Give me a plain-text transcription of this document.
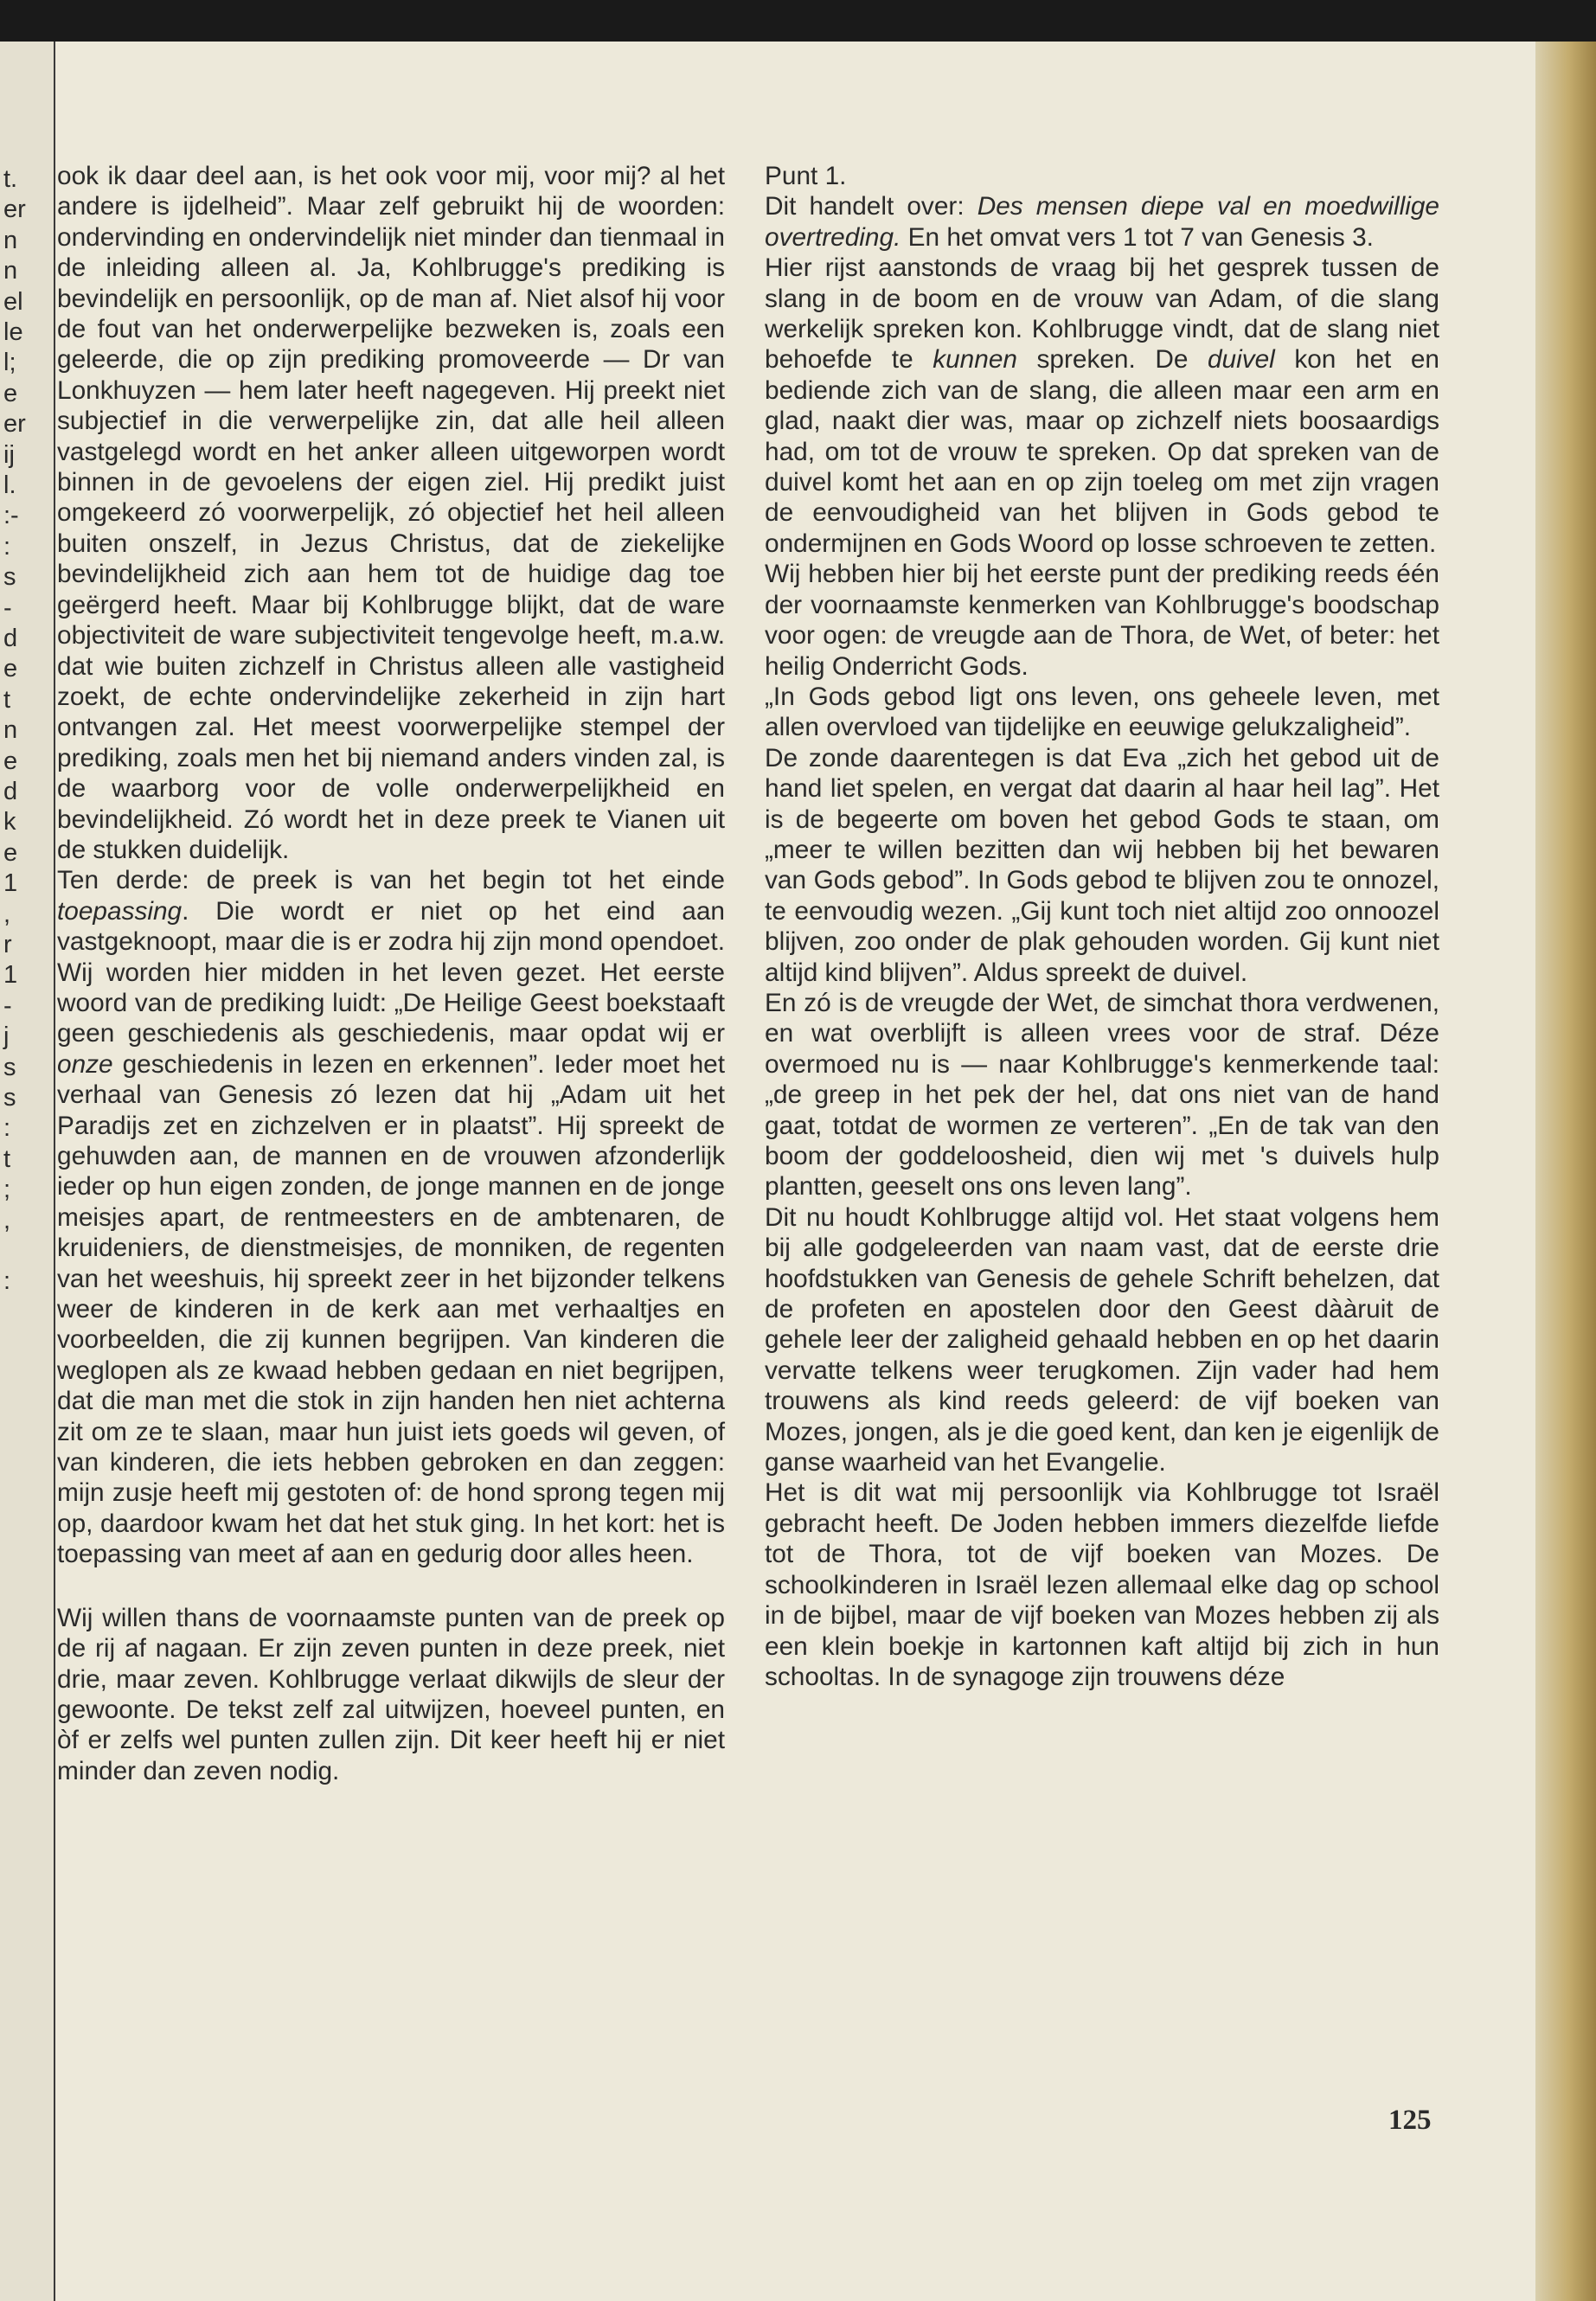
t.
er
n
n
el
le
l;
e
er
ij
l.
:-
:
s
-
d
e
t
n
e
d
k
e
1
,
r
1
-
j
s
s
:
t
;
,
:

ook ik daar deel aan, is het ook voor mij, voor mij? al het andere is ijdelheid”. Maar zelf gebruikt hij de woorden: ondervinding en ondervindelijk niet minder dan tienmaal in de inleiding alleen al. Ja, Kohlbrugge's prediking is bevindelijk en persoonlijk, op de man af. Niet alsof hij voor de fout van het onderwerpelijke bezweken is, zoals een geleerde, die op zijn prediking promoveerde — Dr van Lonkhuyzen — hem later heeft nagegeven. Hij preekt niet subjectief in die verwerpelijke zin, dat alle heil alleen vastgelegd wordt en het anker alleen uitgeworpen wordt binnen in de gevoelens der eigen ziel. Hij predikt juist omgekeerd zó voorwerpelijk, zó objectief het heil alleen buiten onszelf, in Jezus Christus, dat de ziekelijke bevindelijkheid zich aan hem tot de huidige dag toe geërgerd heeft. Maar bij Kohlbrugge blijkt, dat de ware objectiviteit de ware subjectiviteit tengevolge heeft, m.a.w. dat wie buiten zichzelf in Christus alleen alle vastigheid zoekt, de echte ondervindelijke zekerheid in zijn hart ontvangen zal. Het meest voorwerpelijke stempel der prediking, zoals men het bij niemand anders vinden zal, is de waarborg voor de volle onderwerpelijkheid en bevindelijkheid. Zó wordt het in deze preek te Vianen uit de stukken duidelijk.

Ten derde: de preek is van het begin tot het einde toepassing. Die wordt er niet op het eind aan vastgeknoopt, maar die is er zodra hij zijn mond opendoet. Wij worden hier midden in het leven gezet. Het eerste woord van de prediking luidt: „De Heilige Geest boekstaaft geen geschiedenis als geschiedenis, maar opdat wij er onze geschiedenis in lezen en erkennen”. Ieder moet het verhaal van Genesis zó lezen dat hij „Adam uit het Paradijs zet en zichzelven er in plaatst”. Hij spreekt de gehuwden aan, de mannen en de vrouwen afzonderlijk ieder op hun eigen zonden, de jonge mannen en de jonge meisjes apart, de rentmeesters en de ambtenaren, de kruideniers, de dienstmeisjes, de monniken, de regenten van het weeshuis, hij spreekt zeer in het bijzonder telkens weer de kinderen in de kerk aan met verhaaltjes en voorbeelden, die zij kunnen begrijpen. Van kinderen die weglopen als ze kwaad hebben gedaan en niet begrijpen, dat die man met die stok in zijn handen hen niet achterna zit om ze te slaan, maar hun juist iets goeds wil geven, of van kinderen, die iets hebben gebroken en dan zeggen: mijn zusje heeft mij gestoten of: de hond sprong tegen mij op, daardoor kwam het dat het stuk ging. In het kort: het is toepassing van meet af aan en gedurig door alles heen.

Wij willen thans de voornaamste punten van de preek op de rij af nagaan. Er zijn zeven punten in deze preek, niet drie, maar zeven. Kohlbrugge verlaat dikwijls de sleur der gewoonte. De tekst zelf zal uitwijzen, hoeveel punten, en òf er zelfs wel punten zullen zijn. Dit keer heeft hij er niet minder dan zeven nodig.

Punt 1.

Dit handelt over: Des mensen diepe val en moedwillige overtreding. En het omvat vers 1 tot 7 van Genesis 3.

Hier rijst aanstonds de vraag bij het gesprek tussen de slang in de boom en de vrouw van Adam, of die slang werkelijk spreken kon. Kohlbrugge vindt, dat de slang niet behoefde te kunnen spreken. De duivel kon het en bediende zich van de slang, die alleen maar een arm en glad, naakt dier was, maar op zichzelf niets boosaardigs had, om tot de vrouw te spreken. Op dat spreken van de duivel komt het aan en op zijn toeleg om met zijn vragen de eenvoudigheid van het blijven in Gods gebod te ondermijnen en Gods Woord op losse schroeven te zetten.

Wij hebben hier bij het eerste punt der prediking reeds één der voornaamste kenmerken van Kohlbrugge's boodschap voor ogen: de vreugde aan de Thora, de Wet, of beter: het heilig Onderricht Gods.

„In Gods gebod ligt ons leven, ons geheele leven, met allen overvloed van tijdelijke en eeuwige gelukzaligheid”.

De zonde daarentegen is dat Eva „zich het gebod uit de hand liet spelen, en vergat dat daarin al haar heil lag”. Het is de begeerte om boven het gebod Gods te staan, om „meer te willen bezitten dan wij hebben bij het bewaren van Gods gebod”. In Gods gebod te blijven zou te onnozel, te eenvoudig wezen. „Gij kunt toch niet altijd zoo onnoozel blijven, zoo onder de plak gehouden worden. Gij kunt niet altijd kind blijven”. Aldus spreekt de duivel.

En zó is de vreugde der Wet, de simchat thora verdwenen, en wat overblijft is alleen vrees voor de straf. Déze overmoed nu is — naar Kohlbrugge's kenmerkende taal: „de greep in het pek der hel, dat ons niet van de hand gaat, totdat de wormen ze verteren”. „En de tak van den boom der goddeloosheid, dien wij met 's duivels hulp plantten, geeselt ons ons leven lang”.

Dit nu houdt Kohlbrugge altijd vol. Het staat volgens hem bij alle godgeleerden van naam vast, dat de eerste drie hoofdstukken van Genesis de gehele Schrift behelzen, dat de profeten en apostelen door den Geest dààruit de gehele leer der zaligheid gehaald hebben en op het daarin vervatte telkens weer terugkomen. Zijn vader had hem trouwens als kind reeds geleerd: de vijf boeken van Mozes, jongen, als je die goed kent, dan ken je eigenlijk de ganse waarheid van het Evangelie.

Het is dit wat mij persoonlijk via Kohlbrugge tot Israël gebracht heeft. De Joden hebben immers diezelfde liefde tot de Thora, tot de vijf boeken van Mozes. De schoolkinderen in Israël lezen allemaal elke dag op school in de bijbel, maar de vijf boeken van Mozes hebben zij als een klein boekje in kartonnen kaft altijd bij zich in hun schooltas. In de synagoge zijn trouwens déze

125
